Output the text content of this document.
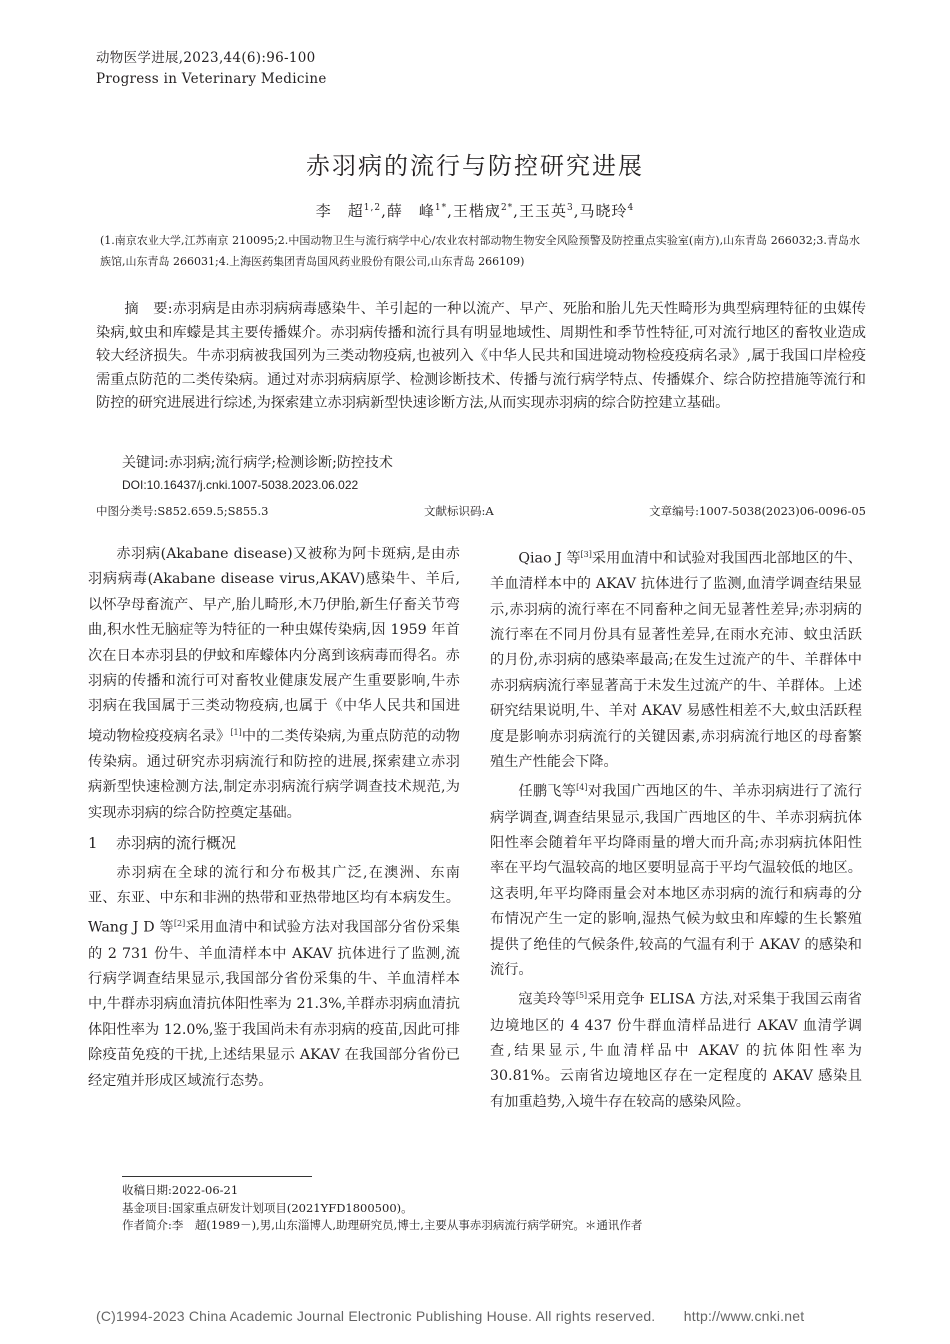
动物医学进展,2023,44(6):96-100
Progress in Veterinary Medicine
赤羽病的流行与防控研究进展
李　超$^{1,2}$,薛　峰$^{1*}$,王楷宬$^{2*}$,王玉英$^3$,马晓玲$^4$
(1.南京农业大学,江苏南京 210095;2.中国动物卫生与流行病学中心/农业农村部动物生物安全风险预警及防控重点实验室(南方),山东青岛 266032;3.青岛水族馆,山东青岛 266031;4.上海医药集团青岛国风药业股份有限公司,山东青岛 266109)

摘　要:赤羽病是由赤羽病病毒感染牛、羊引起的一种以流产、早产、死胎和胎儿先天性畸形为典型病理特征的虫媒传染病,蚊虫和库蠓是其主要传播媒介。赤羽病传播和流行具有明显地域性、周期性和季节性特征,可对流行地区的畜牧业造成较大经济损失。牛赤羽病被我国列为三类动物疫病,也被列入《中华人民共和国进境动物检疫疫病名录》,属于我国口岸检疫需重点防范的二类传染病。通过对赤羽病病原学、检测诊断技术、传播与流行病学特点、传播媒介、综合防控措施等流行和防控的研究进展进行综述,为探索建立赤羽病新型快速诊断方法,从而实现赤羽病的综合防控建立基础。

关键词:赤羽病;流行病学;检测诊断;防控技术
DOI:10.16437/j.cnki.1007-5038.2023.06.022
中图分类号:S852.659.5;S855.3	文献标识码:A	文章编号:1007-5038(2023)06-0096-05

赤羽病(Akabane disease)又被称为阿卡斑病,是由赤羽病病毒(Akabane disease virus,AKAV)感染牛、羊后,以怀孕母畜流产、早产,胎儿畸形,木乃伊胎,新生仔畜关节弯曲,积水性无脑症等为特征的一种虫媒传染病,因 1959 年首次在日本赤羽县的伊蚊和库蠓体内分离到该病毒而得名。赤羽病的传播和流行可对畜牧业健康发展产生重要影响,牛赤羽病在我国属于三类动物疫病,也属于《中华人民共和国进境动物检疫疫病名录》[1]中的二类传染病,为重点防范的动物传染病。通过研究赤羽病流行和防控的进展,探索建立赤羽病新型快速检测方法,制定赤羽病流行病学调查技术规范,为实现赤羽病的综合防控奠定基础。

1 赤羽病的流行概况

赤羽病在全球的流行和分布极其广泛,在澳洲、东南亚、东亚、中东和非洲的热带和亚热带地区均有本病发生。Wang J D 等[2]采用血清中和试验方法对我国部分省份采集的 2 731 份牛、羊血清样本中 AKAV 抗体进行了监测,流行病学调查结果显示,我国部分省份采集的牛、羊血清样本中,牛群赤羽病血清抗体阳性率为 21.3%,羊群赤羽病血清抗体阳性率为 12.0%,鉴于我国尚未有赤羽病的疫苗,因此可排除疫苗免疫的干扰,上述结果显示 AKAV 在我国部分省份已经定殖并形成区域流行态势。

Qiao J 等[3]采用血清中和试验对我国西北部地区的牛、羊血清样本中的 AKAV 抗体进行了监测,血清学调查结果显示,赤羽病的流行率在不同畜种之间无显著性差异;赤羽病的流行率在不同月份具有显著性差异,在雨水充沛、蚊虫活跃的月份,赤羽病的感染率最高;在发生过流产的牛、羊群体中赤羽病病流行率显著高于未发生过流产的牛、羊群体。上述研究结果说明,牛、羊对 AKAV 易感性相差不大,蚊虫活跃程度是影响赤羽病流行的关键因素,赤羽病流行地区的母畜繁殖生产性能会下降。

任鹏飞等[4]对我国广西地区的牛、羊赤羽病进行了流行病学调查,调查结果显示,我国广西地区的牛、羊赤羽病抗体阳性率会随着年平均降雨量的增大而升高;赤羽病抗体阳性率在平均气温较高的地区要明显高于平均气温较低的地区。这表明,年平均降雨量会对本地区赤羽病的流行和病毒的分布情况产生一定的影响,湿热气候为蚊虫和库蠓的生长繁殖提供了绝佳的气候条件,较高的气温有利于 AKAV 的感染和流行。

寇美玲等[5]采用竞争 ELISA 方法,对采集于我国云南省边境地区的 4 437 份牛群血清样品进行 AKAV 血清学调查,结果显示,牛血清样品中 AKAV 的抗体阳性率为 30.81%。云南省边境地区存在一定程度的 AKAV 感染且有加重趋势,入境牛存在较高的感染风险。

收稿日期:2022-06-21
基金项目:国家重点研发计划项目(2021YFD1800500)。
作者简介:李　超(1989－),男,山东淄博人,助理研究员,博士,主要从事赤羽病流行病学研究。＊通讯作者
(C)1994-2023 China Academic Journal Electronic Publishing House. All rights reserved.　　http://www.cnki.net
